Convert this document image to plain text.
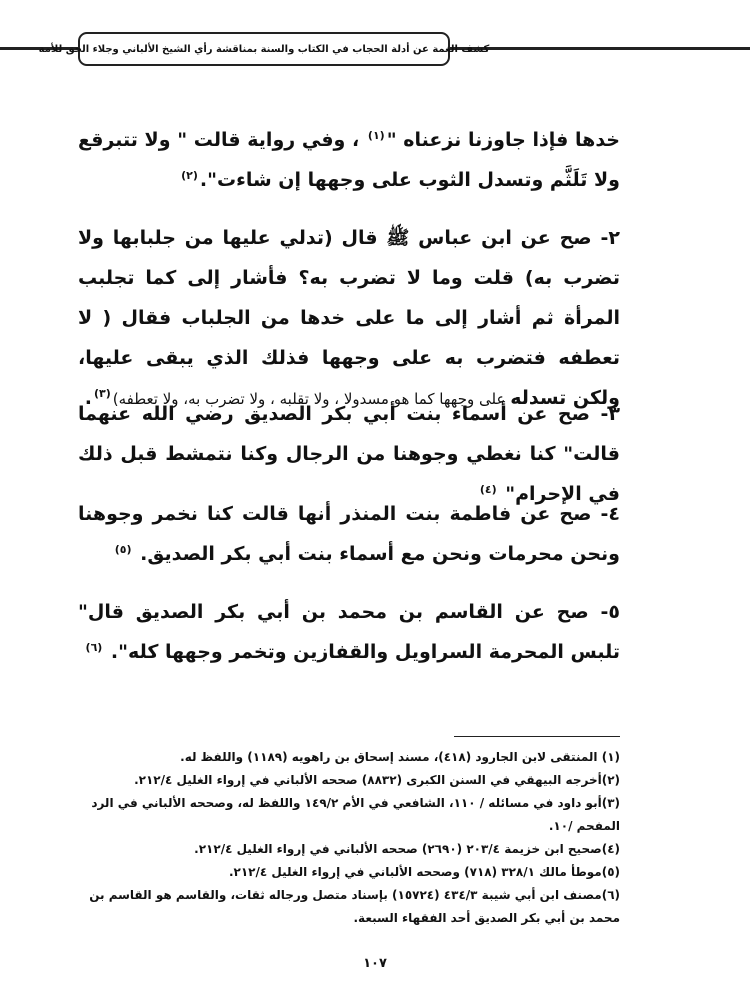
كشف الغمة عن أدلة الحجاب في الكتاب والسنة بمناقشة رأي الشيخ الألباني وجلاء الحق للأمة

خدها فإذا جاوزنا نزعناه "$^{(١)}$ ، وفي رواية قالت " ولا تتبرقع ولا تَلَثَّم وتسدل الثوب على وجهها إن شاءت".$^{(٢)}$

٢- صح عن ابن عباس ﷺ قال (تدلي عليها من جلبابها ولا تضرب به) قلت وما لا تضرب به؟ فأشار إلى كما تجلبب المرأة ثم أشار إلى ما على خدها من الجلباب فقال ( لا تعطفه فتضرب به على وجهها فذلك الذي يبقى عليها، ولكن تسدله على وجهها كما هو مسدولا ، ولا تقلبه ، ولا تضرب به، ولا تعطفه)$^{(٣)}$.

٣- صح عن أسماء بنت أبي بكر الصديق رضي الله عنهما قالت" كنا نغطي وجوهنا من الرجال وكنا نتمشط قبل ذلك في الإحرام" $^{(٤)}$

٤- صح عن فاطمة بنت المنذر أنها قالت كنا نخمر وجوهنا ونحن محرمات ونحن مع أسماء بنت أبي بكر الصديق. $^{(٥)}$

٥- صح عن القاسم بن محمد بن أبي بكر الصديق قال" تلبس المحرمة السراويل والقفازين وتخمر وجهها كله". $^{(٦)}$

(١) المنتقى لابن الجارود (٤١٨)، مسند إسحاق بن راهويه (١١٨٩) واللفظ له.

(٢)أخرجه البيهقي في السنن الكبرى (٨٨٣٢) صححه الألباني في إرواء الغليل ٢١٢/٤.

(٣)أبو داود في مسائله / ١١٠، الشافعي في الأم ١٤٩/٢ واللفظ له، وصححه الألباني في الرد المفحم /١٠.

(٤)صحيح ابن خزيمة ٢٠٣/٤ (٢٦٩٠) صححه الألباني في إرواء الغليل ٢١٢/٤.

(٥)موطأ مالك ٣٢٨/١ (٧١٨) وصححه الألباني في إرواء الغليل ٢١٢/٤.

(٦)مصنف ابن أبي شيبة ٤٣٤/٣ (١٥٧٢٤) بإسناد متصل ورجاله ثقات، والقاسم هو القاسم بن محمد بن أبي بكر الصديق أحد الفقهاء السبعة.

١٠٧
